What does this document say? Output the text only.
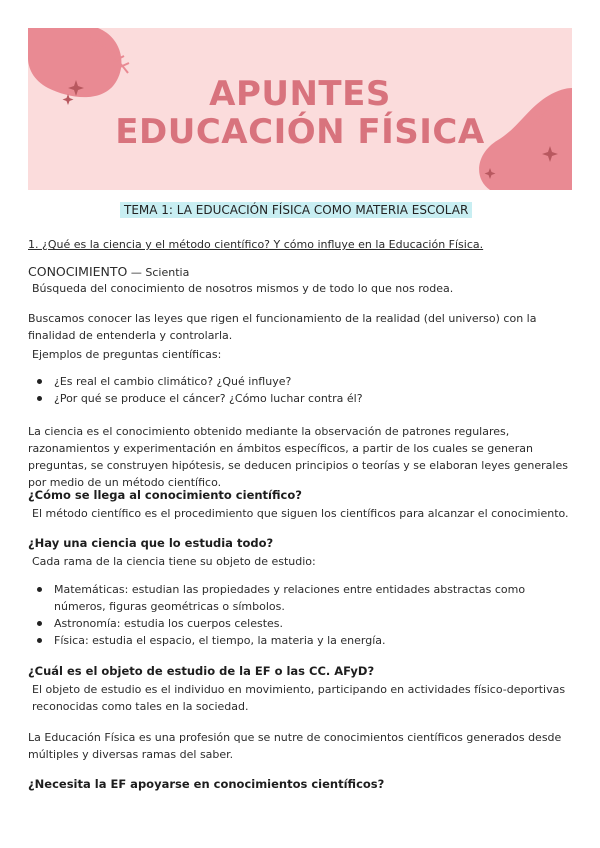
APUNTES
EDUCACIÓN FÍSICA
TEMA 1: LA EDUCACIÓN FÍSICA COMO MATERIA ESCOLAR
1. ¿Qué es la ciencia y el método científico? Y cómo influye en la Educación Física.
CONOCIMIENTO — Scientia
Búsqueda del conocimiento de nosotros mismos y de todo lo que nos rodea.
Buscamos conocer las leyes que rigen el funcionamiento de la realidad (del universo) con la finalidad de entenderla y controlarla.
Ejemplos de preguntas científicas:
¿Es real el cambio climático? ¿Qué influye?
¿Por qué se produce el cáncer? ¿Cómo luchar contra él?
La ciencia es el conocimiento obtenido mediante la observación de patrones regulares, razonamientos y experimentación en ámbitos específicos, a partir de los cuales se generan preguntas, se construyen hipótesis, se deducen principios o teorías y se elaboran leyes generales por medio de un método científico.
¿Cómo se llega al conocimiento científico?
El método científico es el procedimiento que siguen los científicos para alcanzar el conocimiento.
¿Hay una ciencia que lo estudia todo?
Cada rama de la ciencia tiene su objeto de estudio:
Matemáticas: estudian las propiedades y relaciones entre entidades abstractas como números, figuras geométricas o símbolos.
Astronomía: estudia los cuerpos celestes.
Física: estudia el espacio, el tiempo, la materia y la energía.
¿Cuál es el objeto de estudio de la EF o las CC. AFyD?
El objeto de estudio es el individuo en movimiento, participando en actividades físico-deportivas reconocidas como tales en la sociedad.
La Educación Física es una profesión que se nutre de conocimientos científicos generados desde múltiples y diversas ramas del saber.
¿Necesita la EF apoyarse en conocimientos científicos?
